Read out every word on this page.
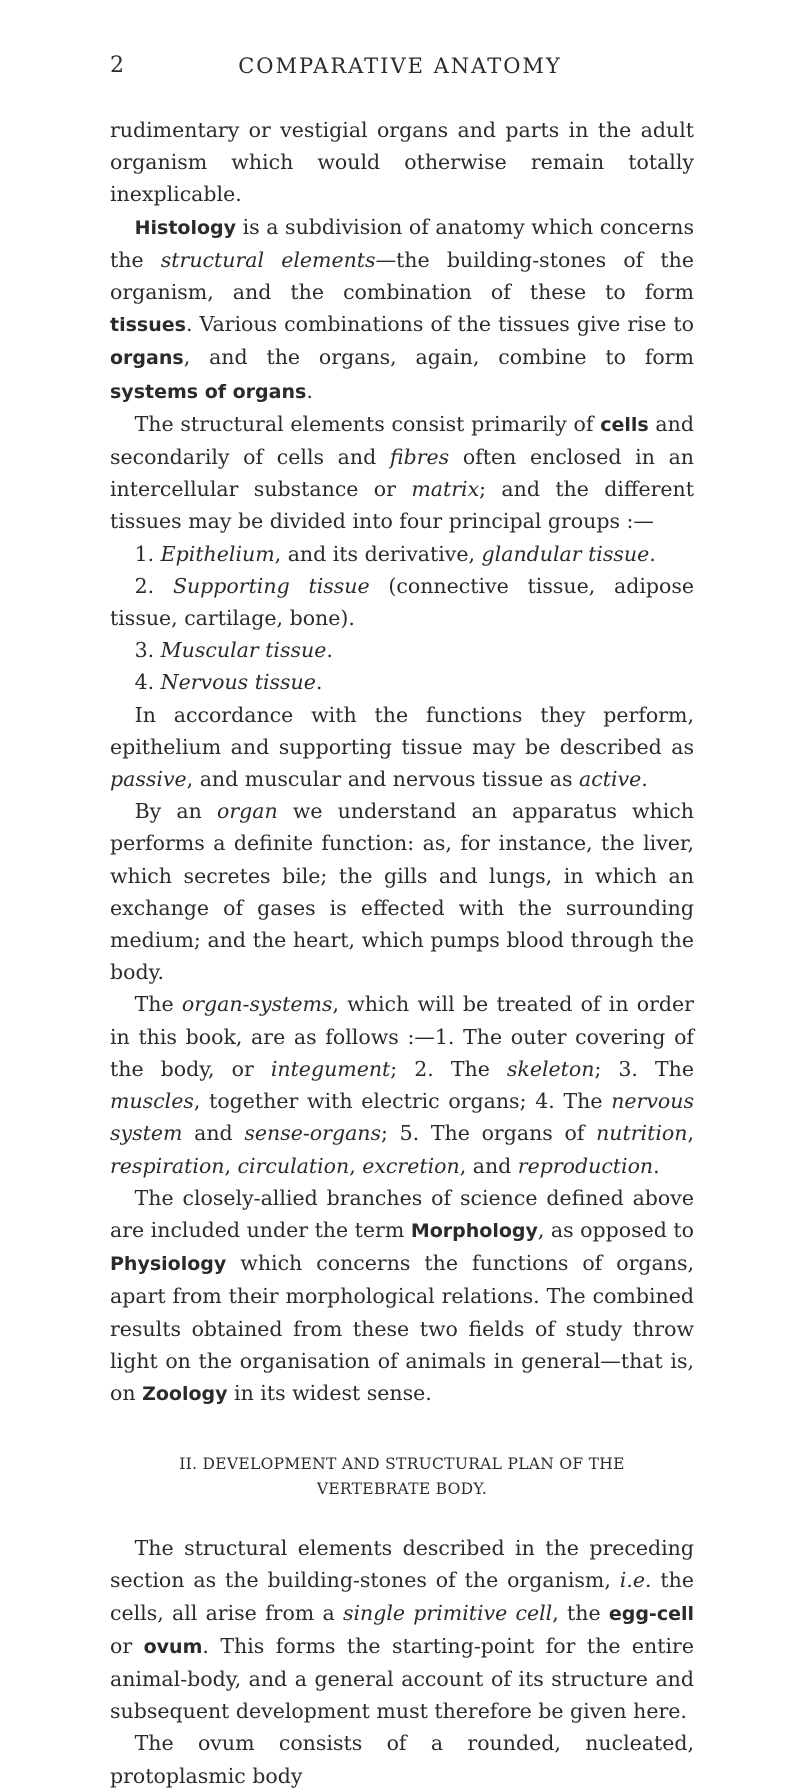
2	COMPARATIVE ANATOMY

rudimentary or vestigial organs and parts in the adult organism which would otherwise remain totally inexplicable.

Histology is a subdivision of anatomy which concerns the structural elements—the building-stones of the organism, and the combination of these to form tissues. Various combinations of the tissues give rise to organs, and the organs, again, combine to form systems of organs.

The structural elements consist primarily of cells and secondarily of cells and fibres often enclosed in an intercellular substance or matrix; and the different tissues may be divided into four principal groups :—

1. Epithelium, and its derivative, glandular tissue.

2. Supporting tissue (connective tissue, adipose tissue, cartilage, bone).

3. Muscular tissue.

4. Nervous tissue.

In accordance with the functions they perform, epithelium and supporting tissue may be described as passive, and muscular and nervous tissue as active.

By an organ we understand an apparatus which performs a definite function: as, for instance, the liver, which secretes bile; the gills and lungs, in which an exchange of gases is effected with the surrounding medium; and the heart, which pumps blood through the body.

The organ-systems, which will be treated of in order in this book, are as follows :—1. The outer covering of the body, or integument; 2. The skeleton; 3. The muscles, together with electric organs; 4. The nervous system and sense-organs; 5. The organs of nutrition, respiration, circulation, excretion, and reproduction.

The closely-allied branches of science defined above are included under the term Morphology, as opposed to Physiology which concerns the functions of organs, apart from their morphological relations. The combined results obtained from these two fields of study throw light on the organisation of animals in general—that is, on Zoology in its widest sense.

II. DEVELOPMENT AND STRUCTURAL PLAN OF THE
VERTEBRATE BODY.

The structural elements described in the preceding section as the building-stones of the organism, i.e. the cells, all arise from a single primitive cell, the egg-cell or ovum. This forms the starting-point for the entire animal-body, and a general account of its structure and subsequent development must therefore be given here.

The ovum consists of a rounded, nucleated, protoplasmic body
